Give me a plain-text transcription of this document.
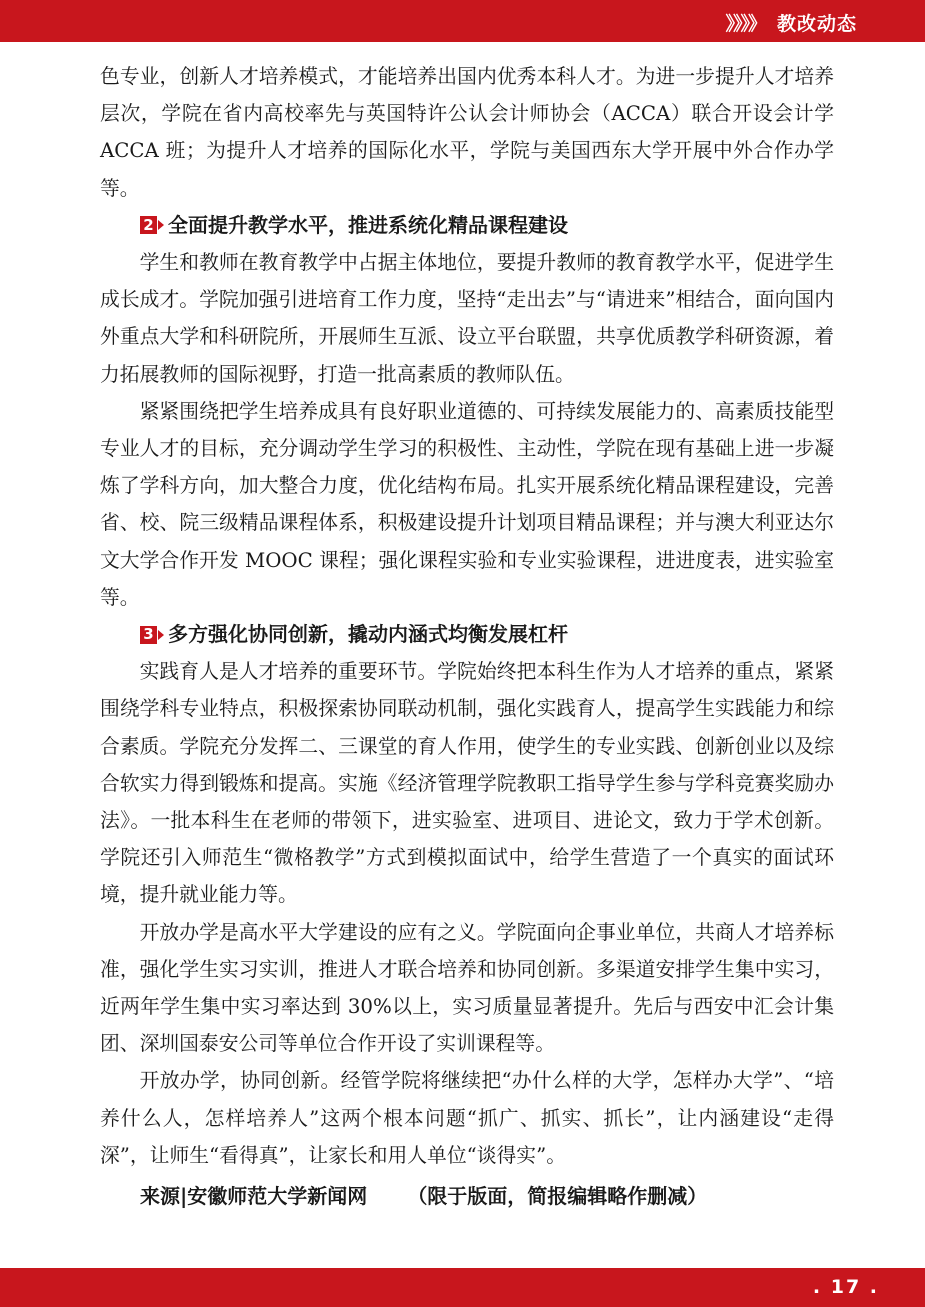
》》》》 教改动态

色专业，创新人才培养模式，才能培养出国内优秀本科人才。为进一步提升人才培养层次，学院在省内高校率先与英国特许公认会计师协会（ACCA）联合开设会计学 ACCA 班；为提升人才培养的国际化水平，学院与美国西东大学开展中外合作办学等。

2 全面提升教学水平，推进系统化精品课程建设

学生和教师在教育教学中占据主体地位，要提升教师的教育教学水平，促进学生成长成才。学院加强引进培育工作力度，坚持“走出去”与“请进来”相结合，面向国内外重点大学和科研院所，开展师生互派、设立平台联盟，共享优质教学科研资源，着力拓展教师的国际视野，打造一批高素质的教师队伍。

紧紧围绕把学生培养成具有良好职业道德的、可持续发展能力的、高素质技能型专业人才的目标，充分调动学生学习的积极性、主动性，学院在现有基础上进一步凝炼了学科方向，加大整合力度，优化结构布局。扎实开展系统化精品课程建设，完善省、校、院三级精品课程体系，积极建设提升计划项目精品课程；并与澳大利亚达尔文大学合作开发 MOOC 课程；强化课程实验和专业实验课程，进进度表，进实验室等。

3 多方强化协同创新，撬动内涵式均衡发展杠杆

实践育人是人才培养的重要环节。学院始终把本科生作为人才培养的重点，紧紧围绕学科专业特点，积极探索协同联动机制，强化实践育人，提高学生实践能力和综合素质。学院充分发挥二、三课堂的育人作用，使学生的专业实践、创新创业以及综合软实力得到锻炼和提高。实施《经济管理学院教职工指导学生参与学科竞赛奖励办法》。一批本科生在老师的带领下，进实验室、进项目、进论文，致力于学术创新。学院还引入师范生“微格教学”方式到模拟面试中，给学生营造了一个真实的面试环境，提升就业能力等。

开放办学是高水平大学建设的应有之义。学院面向企事业单位，共商人才培养标准，强化学生实习实训，推进人才联合培养和协同创新。多渠道安排学生集中实习，近两年学生集中实习率达到 30%以上，实习质量显著提升。先后与西安中汇会计集团、深圳国泰安公司等单位合作开设了实训课程等。

开放办学，协同创新。经管学院将继续把“办什么样的大学，怎样办大学”、“培养什么人，怎样培养人”这两个根本问题“抓广、抓实、抓长”，让内涵建设“走得深”，让师生“看得真”，让家长和用人单位“谈得实”。

来源|安徽师范大学新闻网 （限于版面，简报编辑略作删减）
. 17 .
